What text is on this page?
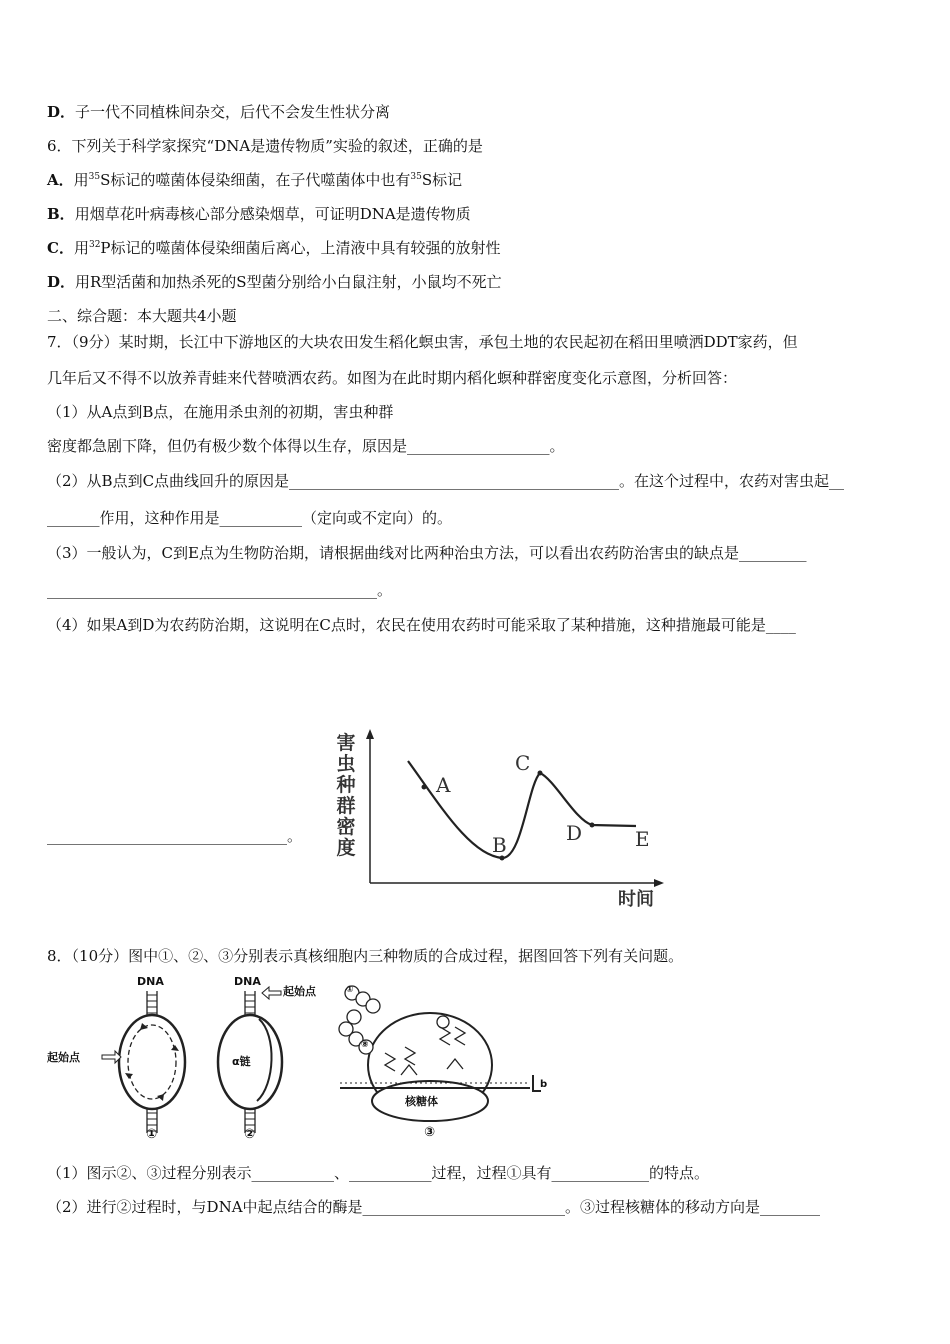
D．子一代不同植株间杂交，后代不会发生性状分离
6．下列关于科学家探究“DNA是遗传物质”实验的叙述，正确的是
A．用$^{35}$S标记的噬菌体侵染细菌，在子代噬菌体中也有$^{35}$S标记
B．用烟草花叶病毒核心部分感染烟草，可证明DNA是遗传物质
C．用$^{32}$P标记的噬菌体侵染细菌后离心，上清液中具有较强的放射性
D．用R型活菌和加热杀死的S型菌分别给小白鼠注射，小鼠均不死亡
二、综合题：本大题共4小题
7．（9分）某时期，长江中下游地区的大块农田发生稻化螟虫害，承包土地的农民起初在稻田里喷洒DDT家药，但
几年后又不得不以放养青蛙来代替喷洒农药。如图为在此时期内稻化螟种群密度变化示意图，分析回答：
（1）从A点到B点，在施用杀虫剂的初期，害虫种群
密度都急剧下降，但仍有极少数个体得以生存，原因是___________________。
（2）从B点到C点曲线回升的原因是____________________________________________。在这个过程中，农药对害虫起__
_______作用，这种作用是___________（定向或不定向）的。
（3）一般认为，C到E点为生物防治期，请根据曲线对比两种治虫方法，可以看出农药防治害虫的缺点是_________
____________________________________________。
（4）如果A到D为农药防治期，这说明在C点时，农民在使用农药时可能采取了某种措施，这种措施最可能是____
________________________________。
害
虫
种
群
密
度
A
B
C
D	E
时间
8．（10分）图中①、②、③分别表示真核细胞内三种物质的合成过程，据图回答下列有关问题。
DNA	DNA
起始点
起始点
α链
核糖体
①
⑧
①	②	③
b
（1）图示②、③过程分别表示___________、___________过程，过程①具有_____________的特点。
（2）进行②过程时，与DNA中起点结合的酶是___________________________。③过程核糖体的移动方向是________
